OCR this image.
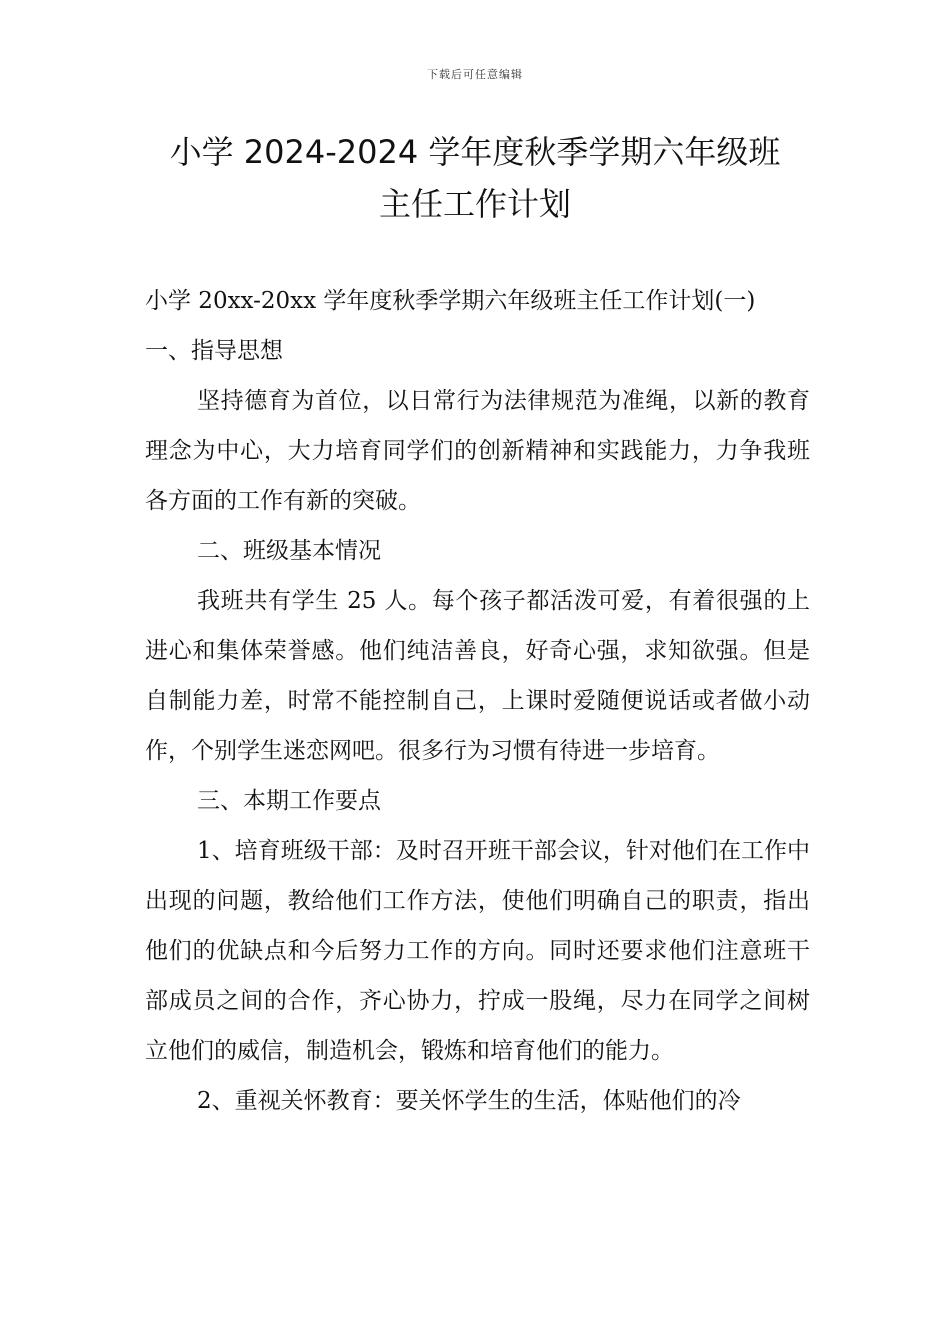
下载后可任意编辑
小学 2024-2024 学年度秋季学期六年级班
主任工作计划

小学 20xx-20xx 学年度秋季学期六年级班主任工作计划(一)

一、指导思想

坚持德育为首位，以日常行为法律规范为准绳，以新的教育理念为中心，大力培育同学们的创新精神和实践能力，力争我班各方面的工作有新的突破。

二、班级基本情况

我班共有学生 25 人。每个孩子都活泼可爱，有着很强的上进心和集体荣誉感。他们纯洁善良，好奇心强，求知欲强。但是自制能力差，时常不能控制自己，上课时爱随便说话或者做小动作，个别学生迷恋网吧。很多行为习惯有待进一步培育。

三、本期工作要点

1、培育班级干部：及时召开班干部会议，针对他们在工作中出现的问题，教给他们工作方法，使他们明确自己的职责，指出他们的优缺点和今后努力工作的方向。同时还要求他们注意班干部成员之间的合作，齐心协力，拧成一股绳，尽力在同学之间树立他们的威信，制造机会，锻炼和培育他们的能力。

2、重视关怀教育：要关怀学生的生活，体贴他们的冷
